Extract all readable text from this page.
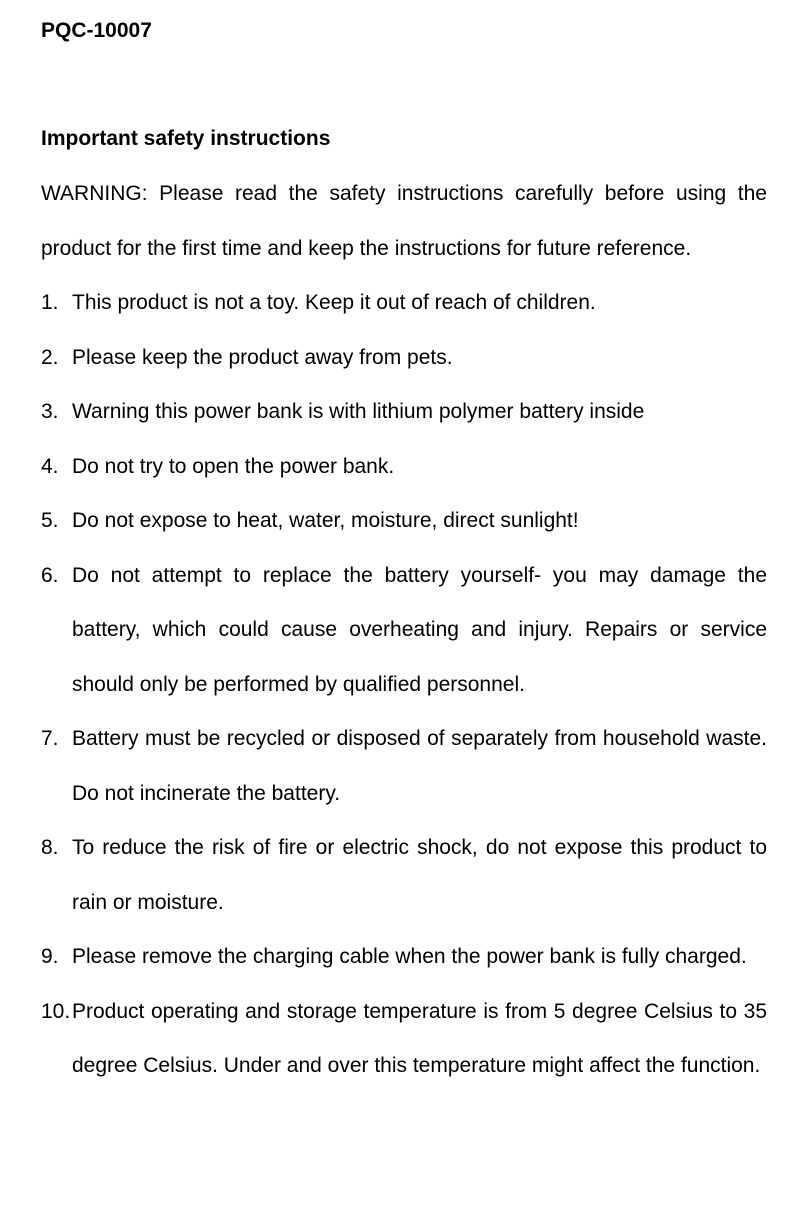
PQC-10007

Important safety instructions

WARNING: Please read the safety instructions carefully before using the product for the first time and keep the instructions for future reference.

1. This product is not a toy. Keep it out of reach of children.
2. Please keep the product away from pets.
3. Warning this power bank is with lithium polymer battery inside
4. Do not try to open the power bank.
5. Do not expose to heat, water, moisture, direct sunlight!
6. Do not attempt to replace the battery yourself- you may damage the battery, which could cause overheating and injury. Repairs or service should only be performed by qualified personnel.
7. Battery must be recycled or disposed of separately from household waste. Do not incinerate the battery.
8. To reduce the risk of fire or electric shock, do not expose this product to rain or moisture.
9. Please remove the charging cable when the power bank is fully charged.
10. Product operating and storage temperature is from 5 degree Celsius to 35 degree Celsius. Under and over this temperature might affect the function.
